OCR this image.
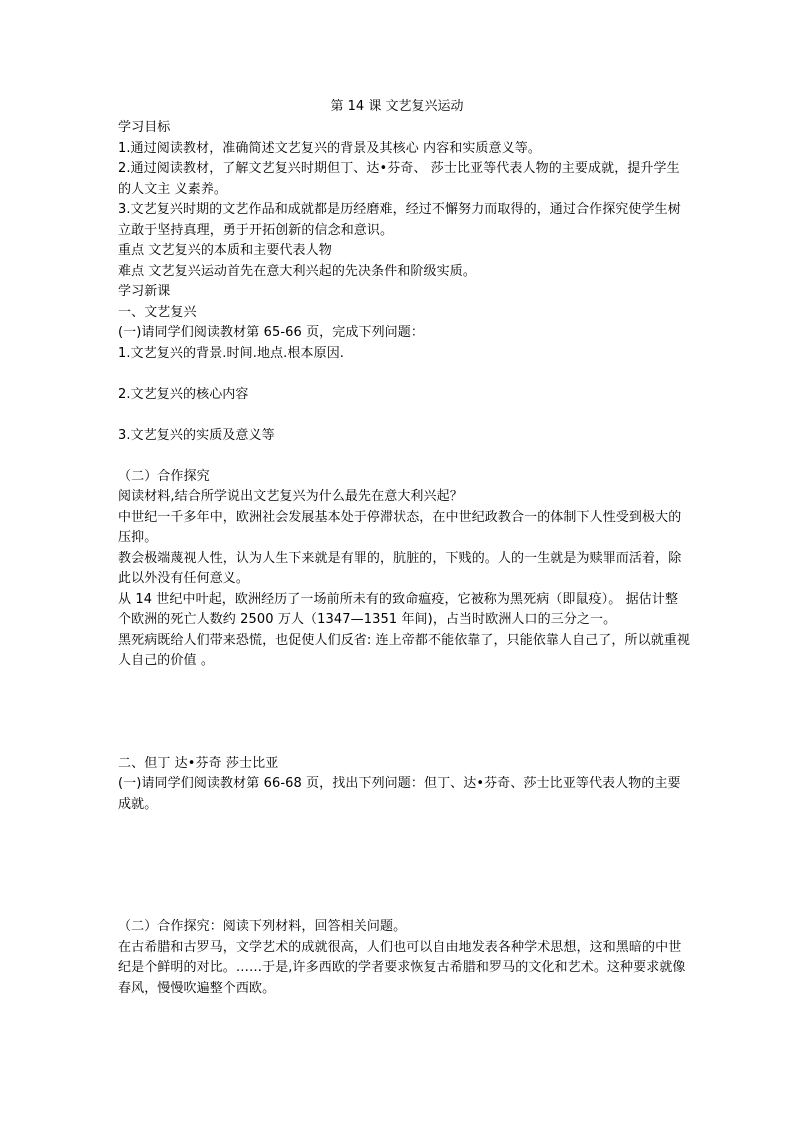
第 14 课 文艺复兴运动

学习目标

1.通过阅读教材，准确简述文艺复兴的背景及其核心 内容和实质意义等。

2.通过阅读教材，了解文艺复兴时期但丁、达•芬奇、 莎士比亚等代表人物的主要成就，提升学生的人文主 义素养。

3.文艺复兴时期的文艺作品和成就都是历经磨难，经过不懈努力而取得的，通过合作探究使学生树 立敢于坚持真理，勇于开拓创新的信念和意识。

重点 文艺复兴的本质和主要代表人物

难点 文艺复兴运动首先在意大利兴起的先决条件和阶级实质。

学习新课

一、文艺复兴

(一)请同学们阅读教材第 65-66 页，完成下列问题：

1.文艺复兴的背景.时间.地点.根本原因.

2.文艺复兴的核心内容

3.文艺复兴的实质及意义等

（二）合作探究

阅读材料,结合所学说出文艺复兴为什么最先在意大利兴起？

中世纪一千多年中，欧洲社会发展基本处于停滞状态，在中世纪政教合一的体制下人性受到极大的压抑。

教会极端蔑视人性，认为人生下来就是有罪的，肮脏的，下贱的。人的一生就是为赎罪而活着，除此以外没有任何意义。

从 14 世纪中叶起，欧洲经历了一场前所未有的致命瘟疫，它被称为黑死病（即鼠疫）。 据估计整个欧洲的死亡人数约 2500 万人（1347—1351 年间)，占当时欧洲人口的三分之一。

黑死病既给人们带来恐慌，也促使人们反省: 连上帝都不能依靠了，只能依靠人自己了，所以就重视人自己的价值 。

二、但丁 达•芬奇 莎士比亚

(一)请同学们阅读教材第 66-68 页，找出下列问题：但丁、达•芬奇、莎士比亚等代表人物的主要成就。

（二）合作探究：阅读下列材料，回答相关问题。

在古希腊和古罗马，文学艺术的成就很高，人们也可以自由地发表各种学术思想，这和黑暗的中世纪是个鲜明的对比。……于是,许多西欧的学者要求恢复古希腊和罗马的文化和艺术。这种要求就像春风，慢慢吹遍整个西欧。
